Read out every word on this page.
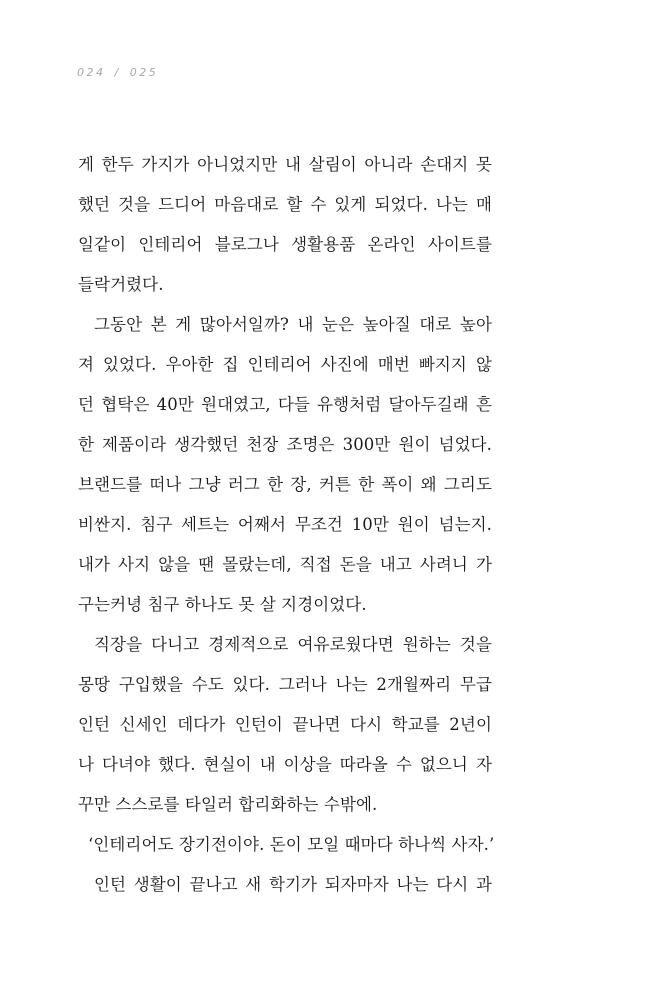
024 / 025
게 한두 가지가 아니었지만 내 살림이 아니라 손대지 못
했던 것을 드디어 마음대로 할 수 있게 되었다. 나는 매
일같이 인테리어 블로그나 생활용품 온라인 사이트를
들락거렸다.
그동안 본 게 많아서일까? 내 눈은 높아질 대로 높아
져 있었다. 우아한 집 인테리어 사진에 매번 빠지지 않
던 협탁은 40만 원대였고, 다들 유행처럼 달아두길래 흔
한 제품이라 생각했던 천장 조명은 300만 원이 넘었다.
브랜드를 떠나 그냥 러그 한 장, 커튼 한 폭이 왜 그리도
비싼지. 침구 세트는 어째서 무조건 10만 원이 넘는지.
내가 사지 않을 땐 몰랐는데, 직접 돈을 내고 사려니 가
구는커녕 침구 하나도 못 살 지경이었다.
직장을 다니고 경제적으로 여유로웠다면 원하는 것을
몽땅 구입했을 수도 있다. 그러나 나는 2개월짜리 무급
인턴 신세인 데다가 인턴이 끝나면 다시 학교를 2년이
나 다녀야 했다. 현실이 내 이상을 따라올 수 없으니 자
꾸만 스스로를 타일러 합리화하는 수밖에.
‘인테리어도 장기전이야. 돈이 모일 때마다 하나씩 사자.’
인턴 생활이 끝나고 새 학기가 되자마자 나는 다시 과
